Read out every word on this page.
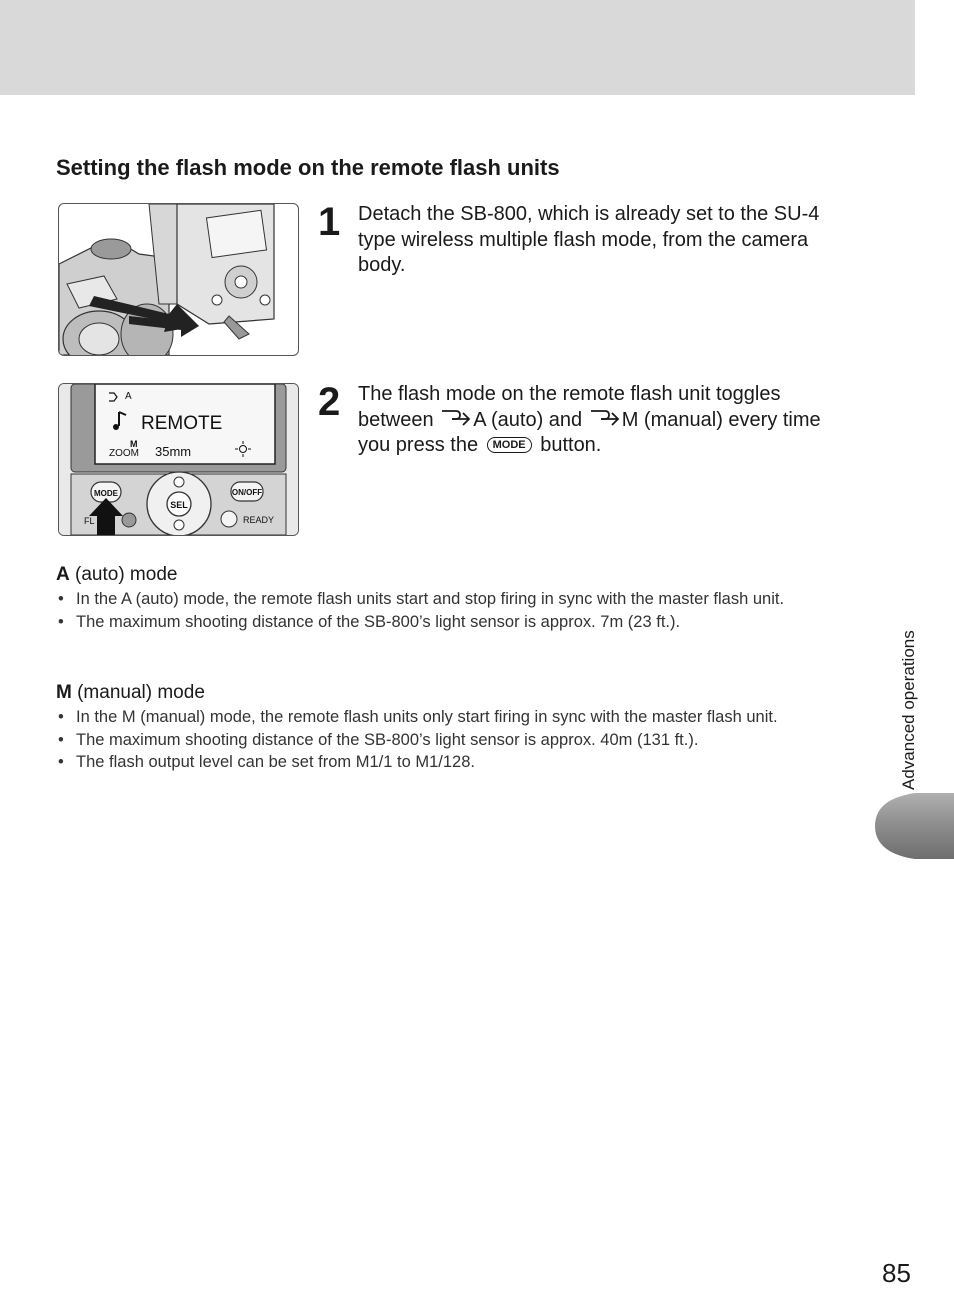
Setting the flash mode on the remote flash units
1 Detach the SB-800, which is already set to the SU-4 type wireless multiple flash mode, from the camera body.

A
REMOTE
ZOOM
M 35mm
MODE
SEL
ON/OFF
READY
FL
2 The flash mode on the remote flash unit toggles between A (auto) and M (manual) every time you press the MODE button.

A (auto) mode

• In the A (auto) mode, the remote flash units start and stop firing in sync with the master flash unit.
• The maximum shooting distance of the SB-800’s light sensor is approx. 7m (23 ft.).

M (manual) mode

• In the M (manual) mode, the remote flash units only start firing in sync with the master flash unit.
• The maximum shooting distance of the SB-800’s light sensor is approx. 40m (131 ft.).
• The flash output level can be set from M1/1 to M1/128.	Advanced operations
85
